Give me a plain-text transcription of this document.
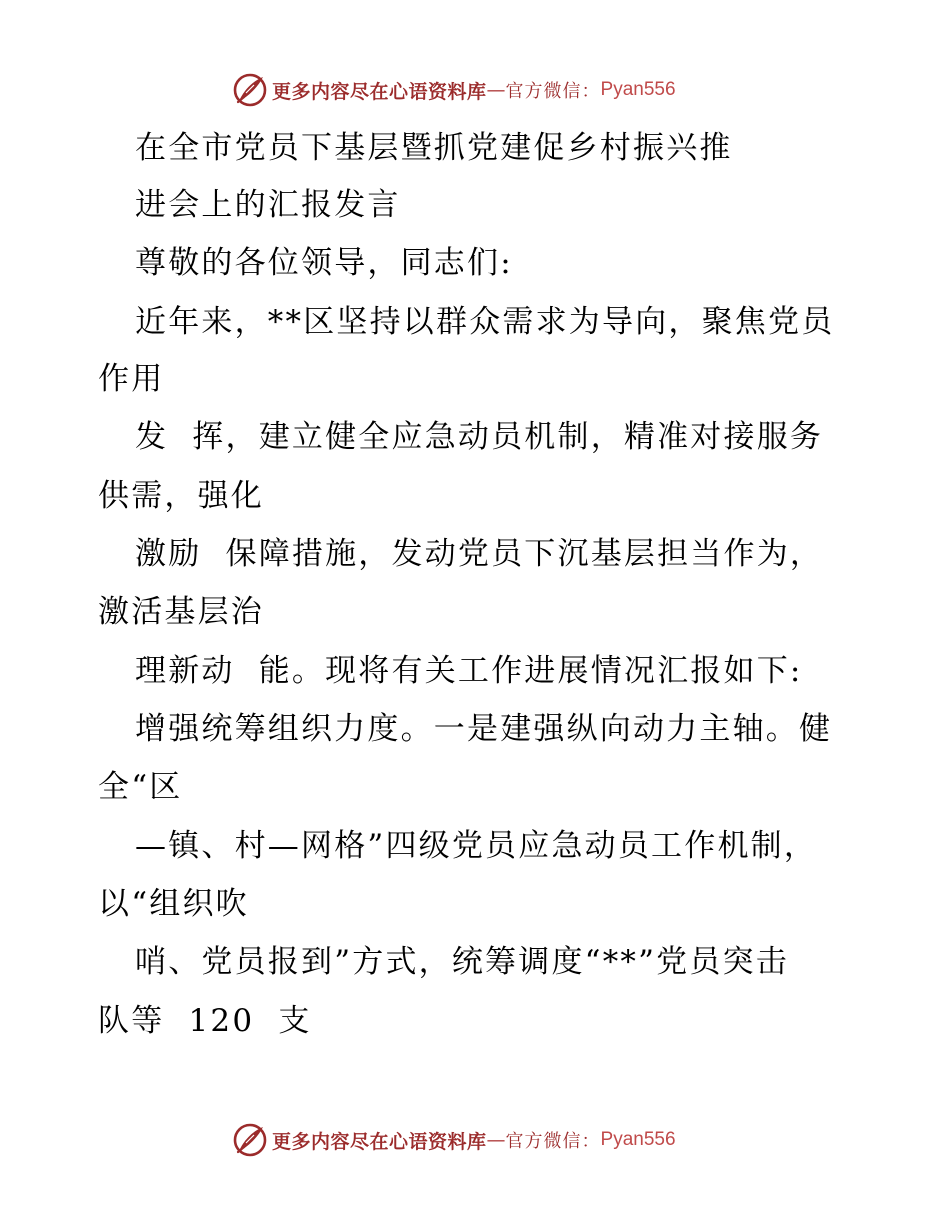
更多内容尽在心语资料库 — 官方微信： Pyan556
在全市党员下基层暨抓党建促乡村振兴推
进会上的汇报发言
尊敬的各位领导，同志们:
近年来，**区坚持以群众需求为导向，聚焦党员
作用
发  挥，建立健全应急动员机制，精准对接服务
供需，强化
激励  保障措施，发动党员下沉基层担当作为，
激活基层治
理新动  能。现将有关工作进展情况汇报如下:
增强统筹组织力度。一是建强纵向动力主轴。健
全“区
—镇、村—网格”四级党员应急动员工作机制，
以“组织吹
哨、党员报到”方式，统筹调度“**”党员突击
队等  120  支
更多内容尽在心语资料库 — 官方微信： Pyan556
